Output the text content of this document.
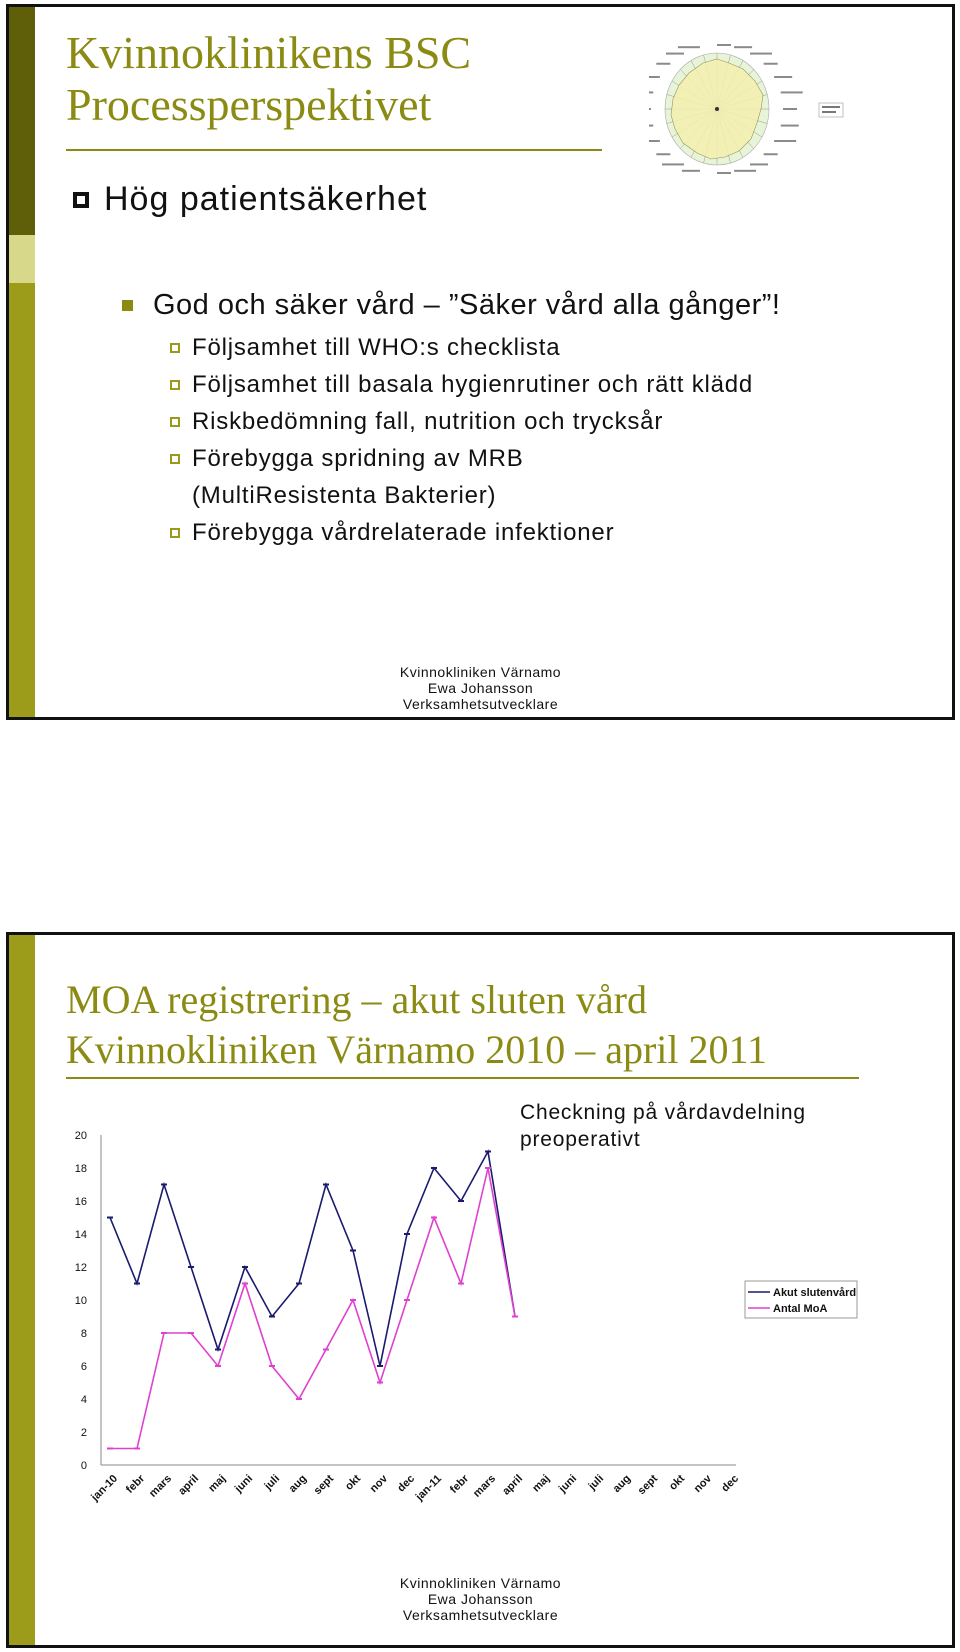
Kvinnoklinikens BSC
Processperspektivet
Hög patientsäkerhet
God och säker vård – ”Säker vård alla gånger”!
Följsamhet till WHO:s checklista
Följsamhet till basala hygienrutiner och rätt klädd
Riskbedömning fall, nutrition och trycksår
Förebygga spridning av MRB
(MultiResistenta Bakterier)
Förebygga vårdrelaterade infektioner
Kvinnokliniken Värnamo
Ewa Johansson
Verksamhetsutvecklare
MOA registrering – akut sluten vård
Kvinnokliniken Värnamo 2010 – april 2011
Checkning på vårdavdelning
preoperativt
0
2
4
6
8
10
12
14
16
18
20
jan-10 febr mars april maj juni juli aug sept okt nov dec
jan-11 febr mars april maj juni juli aug sept okt nov dec
Akut slutenvård
Antal MoA
Kvinnokliniken Värnamo
Ewa Johansson
Verksamhetsutvecklare
